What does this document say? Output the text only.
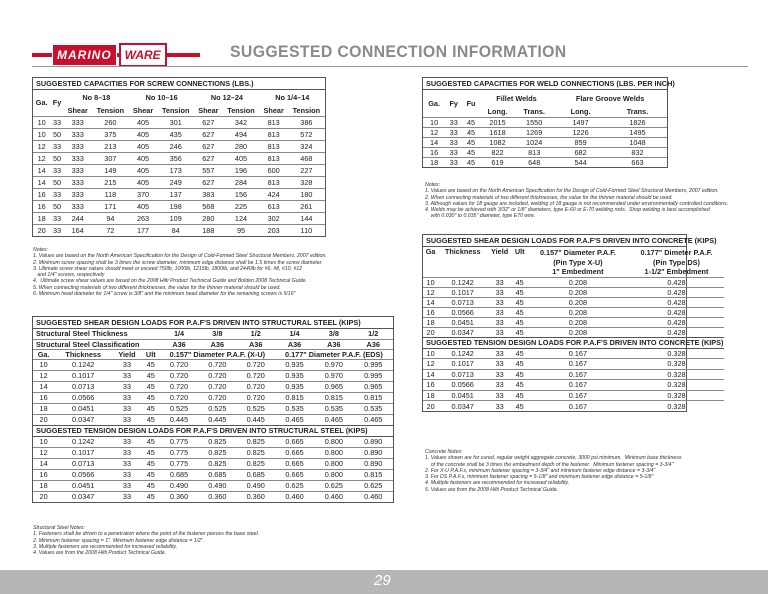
MARINO	WARE	SUGGESTED CONNECTION INFORMATION
SUGGESTED CAPACITIES FOR SCREW CONNECTIONS (LBS.)
Ga.	Fy	No 8–18		No 10–16		No 12–24		No 1/4–14	
		Shear	Tension	Shear	Tension	Shear	Tension	Shear	Tension
10	33	333	260	405	301	627	342	813	386
10	50	333	375	405	435	627	494	813	572
12	33	333	213	405	246	627	280	813	324
12	50	333	307	405	356	627	405	813	468
14	33	333	149	405	173	557	196	600	227
14	50	333	215	405	249	627	284	813	328
16	33	333	118	370	137	383	156	424	180
16	50	333	171	405	198	568	225	613	261
18	33	244	94	263	109	280	124	302	144
20	33	164	72	177	84	188	95	203	110
Notes:
1. Values are based on the North American Specification for the Design of Cold-Formed Steel Structural Members, 2007 edition.
2. Minimum screw spacing shall be 3 times the screw diameter, minimum edge distance shall be 1.5 times the screw diameter.
3. Ultimate screw shear values should meet or exceed 750lb, 1000lb, 1215lb, 1800lb, and 2440lb for #6, #8, #10, #12
and 1/4" screws, respectively
4.  Ultimate screw shear values are based on the 2008 Hilti Product Technical Guide and Bolden 2008 Technical Guide.
5. When connecting materials of two different thicknesses, the value for the thinner material should be used.
6. Minimum head diameter for 1/4" screw is 3/8" and the minimum head diameter for the remaining screws is 5/16"
SUGGESTED SHEAR DESIGN LOADS FOR P.A.F'S DRIVEN INTO STRUCTURAL STEEL (KIPS)
Structural Steel Thickness				1/4	3/8	1/2	1/4	3/8	1/2
Structural Steel Classification				A36	A36	A36	A36	A36	A36
Ga.	Thickness	Yield	Ult	0.157" Diameter P.A.F. (X-U)			0.177" Diameter P.A.F. (EDS)		
10	0.1242	33	45	0.720	0.720	0.720	0.935	0.970	0.995
12	0.1017	33	45	0.720	0.720	0.720	0.935	0.970	0.995
14	0.0713	33	45	0.720	0.720	0.720	0.935	0.965	0.965
16	0.0566	33	45	0.720	0.720	0.720	0.815	0.815	0.815
18	0.0451	33	45	0.525	0.525	0.525	0.535	0.535	0.535
20	0.0347	33	45	0.445	0.445	0.445	0.465	0.465	0.465
SUGGESTED TENSION DESIGN LOADS FOR P.A.F'S DRIVEN INTO STRUCTURAL STEEL (KIPS)									
10	0.1242	33	45	0.775	0.825	0.825	0.665	0.800	0.890
12	0.1017	33	45	0.775	0.825	0.825	0.665	0.800	0.890
14	0.0713	33	45	0.775	0.825	0.825	0.665	0.800	0.890
16	0.0566	33	45	0.685	0.685	0.685	0.665	0.800	0.815
18	0.0451	33	45	0.490	0.490	0.490	0.625	0.625	0.625
20	0.0347	33	45	0.360	0.360	0.360	0.460	0.460	0.460
Structural Steel Notes:
1. Fasteners shall be driven to a penetration where the point of the fastener pierces the base steel.
2. Minimum fastener spacing = 1". Minimum fastener edge distance = 1/2".
3. Multiple fasteners are recommended for increased reliability.
4. Values are from the 2008 Hilti Product Technical Guide.
SUGGESTED CAPACITIES FOR WELD CONNECTIONS (LBS. PER INCH)
Ga.	Fy	Fu	Fillet Welds		Flare Groove Welds	
			Long.	Trans.	Long.	Trans.
10	33	45	2015	1550	1497	1826
12	33	45	1618	1269	1226	1495
14	33	45	1082	1024	859	1048
16	33	45	822	813	682	832
18	33	45	619	648	544	663
Notes:
1. Values are based on the North American Specification for the Design of Cold-Formed Steel Structural Members, 2007 edition.
2. When connecting materials of two different thicknesses, the value for the thinner material should be used.
3. Although values for 18 gauge are included, welding of 18 gauge is not recommended under environmentally controlled conditions.
4. Welds may be achieved with 3/32" or 1/8" diameters, type E-60 or E-70 welding rods.  Shop welding is best accomplished
with 0.030" to 0.035" diameter, type E70 wire.
SUGGESTED SHEAR DESIGN LOADS FOR P.A.F'S DRIVEN INTO CONCRETE (KIPS)
Ga	Thickness	Yield	Ult	0.157" Diameter P.A.F.	0.177" Dimeter P.A.F.
				(Pin Type X-U)	(Pin Type DS)
				1" Embedment	1-1/2" Embedment
10	0.1242	33	45	0.208	0.428
12	0.1017	33	45	0.208	0.428
14	0.0713	33	45	0.208	0.428
16	0.0566	33	45	0.208	0.428
18	0.0451	33	45	0.208	0.428
20	0.0347	33	45	0.208	0.428
SUGGESTED TENSION DESIGN LOADS FOR P.A.F'S DRIVEN INTO CONCRETE (KIPS)					
10	0.1242	33	45	0.167	0.328
12	0.1017	33	45	0.167	0.328
14	0.0713	33	45	0.167	0.328
16	0.0566	33	45	0.167	0.328
18	0.0451	33	45	0.167	0.328
20	0.0347	33	45	0.167	0.328
Concrete Notes:
1. Values shown are for cured, regular weight aggregate concrete, 3000 psi minimum.  Minimum base thickness
of the concrete shall be 3 times the embedment depth of the fastener.  Minimum fastener spacing = 3-3/4"
2. For X-U P.A.F.s, minimum fastener spacing = 3-3/4" and minimum fastener edge distance = 3-3/4"
3. For DS P.A.F.s, minimum fastener spacing = 5-1/8" and minimum fastener edge distance = 5-1/8"
4. Multiple fasteners are recommended for increased reliability.
5. Values are from the 2008 Hilti Product Technical Guide.
29
